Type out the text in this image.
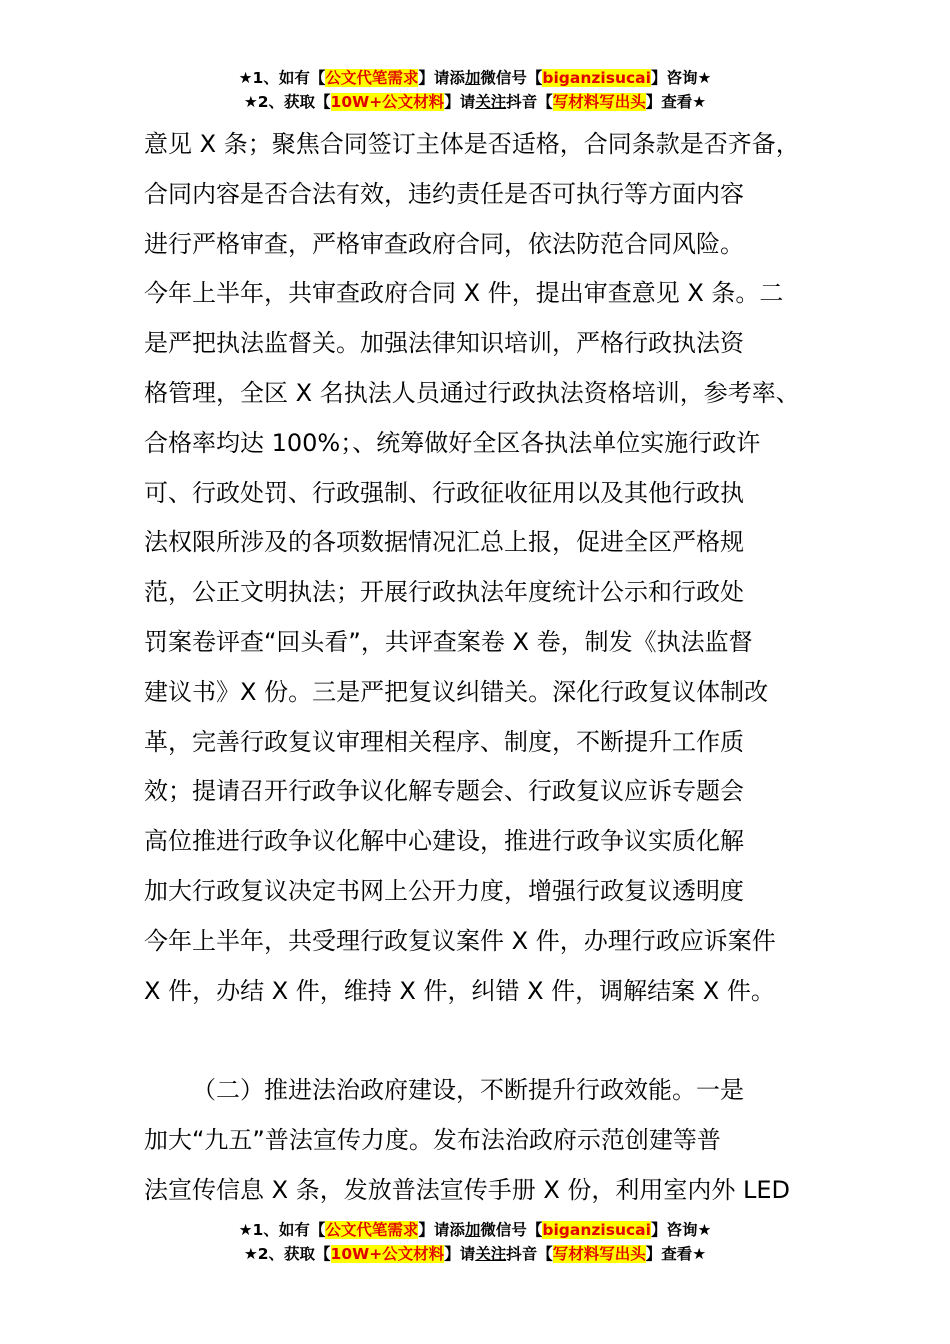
★1、如有【公文代笔需求】请添加微信号【biganzisucai】咨询★
★2、获取【10W+公文材料】请关注抖音【写材料写出头】查看★
意见 X 条；聚焦合同签订主体是否适格，合同条款是否齐备，
合同内容是否合法有效，违约责任是否可执行等方面内容
进行严格审查，严格审查政府合同，依法防范合同风险。
今年上半年，共审查政府合同 X 件，提出审查意见 X 条。二
是严把执法监督关。加强法律知识培训，严格行政执法资
格管理，全区 X 名执法人员通过行政执法资格培训，参考率、
合格率均达 100%；、统筹做好全区各执法单位实施行政许
可、行政处罚、行政强制、行政征收征用以及其他行政执
法权限所涉及的各项数据情况汇总上报，促进全区严格规
范，公正文明执法；开展行政执法年度统计公示和行政处
罚案卷评查“回头看”，共评查案卷 X 卷，制发《执法监督
建议书》X 份。三是严把复议纠错关。深化行政复议体制改
革，完善行政复议审理相关程序、制度，不断提升工作质
效；提请召开行政争议化解专题会、行政复议应诉专题会
高位推进行政争议化解中心建设，推进行政争议实质化解
加大行政复议决定书网上公开力度，增强行政复议透明度
今年上半年，共受理行政复议案件 X 件，办理行政应诉案件
X 件，办结 X 件，维持 X 件，纠错 X 件，调解结案 X 件。
（二）推进法治政府建设，不断提升行政效能。一是
加大“九五”普法宣传力度。发布法治政府示范创建等普
法宣传信息 X 条，发放普法宣传手册 X 份，利用室内外 LED
★1、如有【公文代笔需求】请添加微信号【biganzisucai】咨询★
★2、获取【10W+公文材料】请关注抖音【写材料写出头】查看★
